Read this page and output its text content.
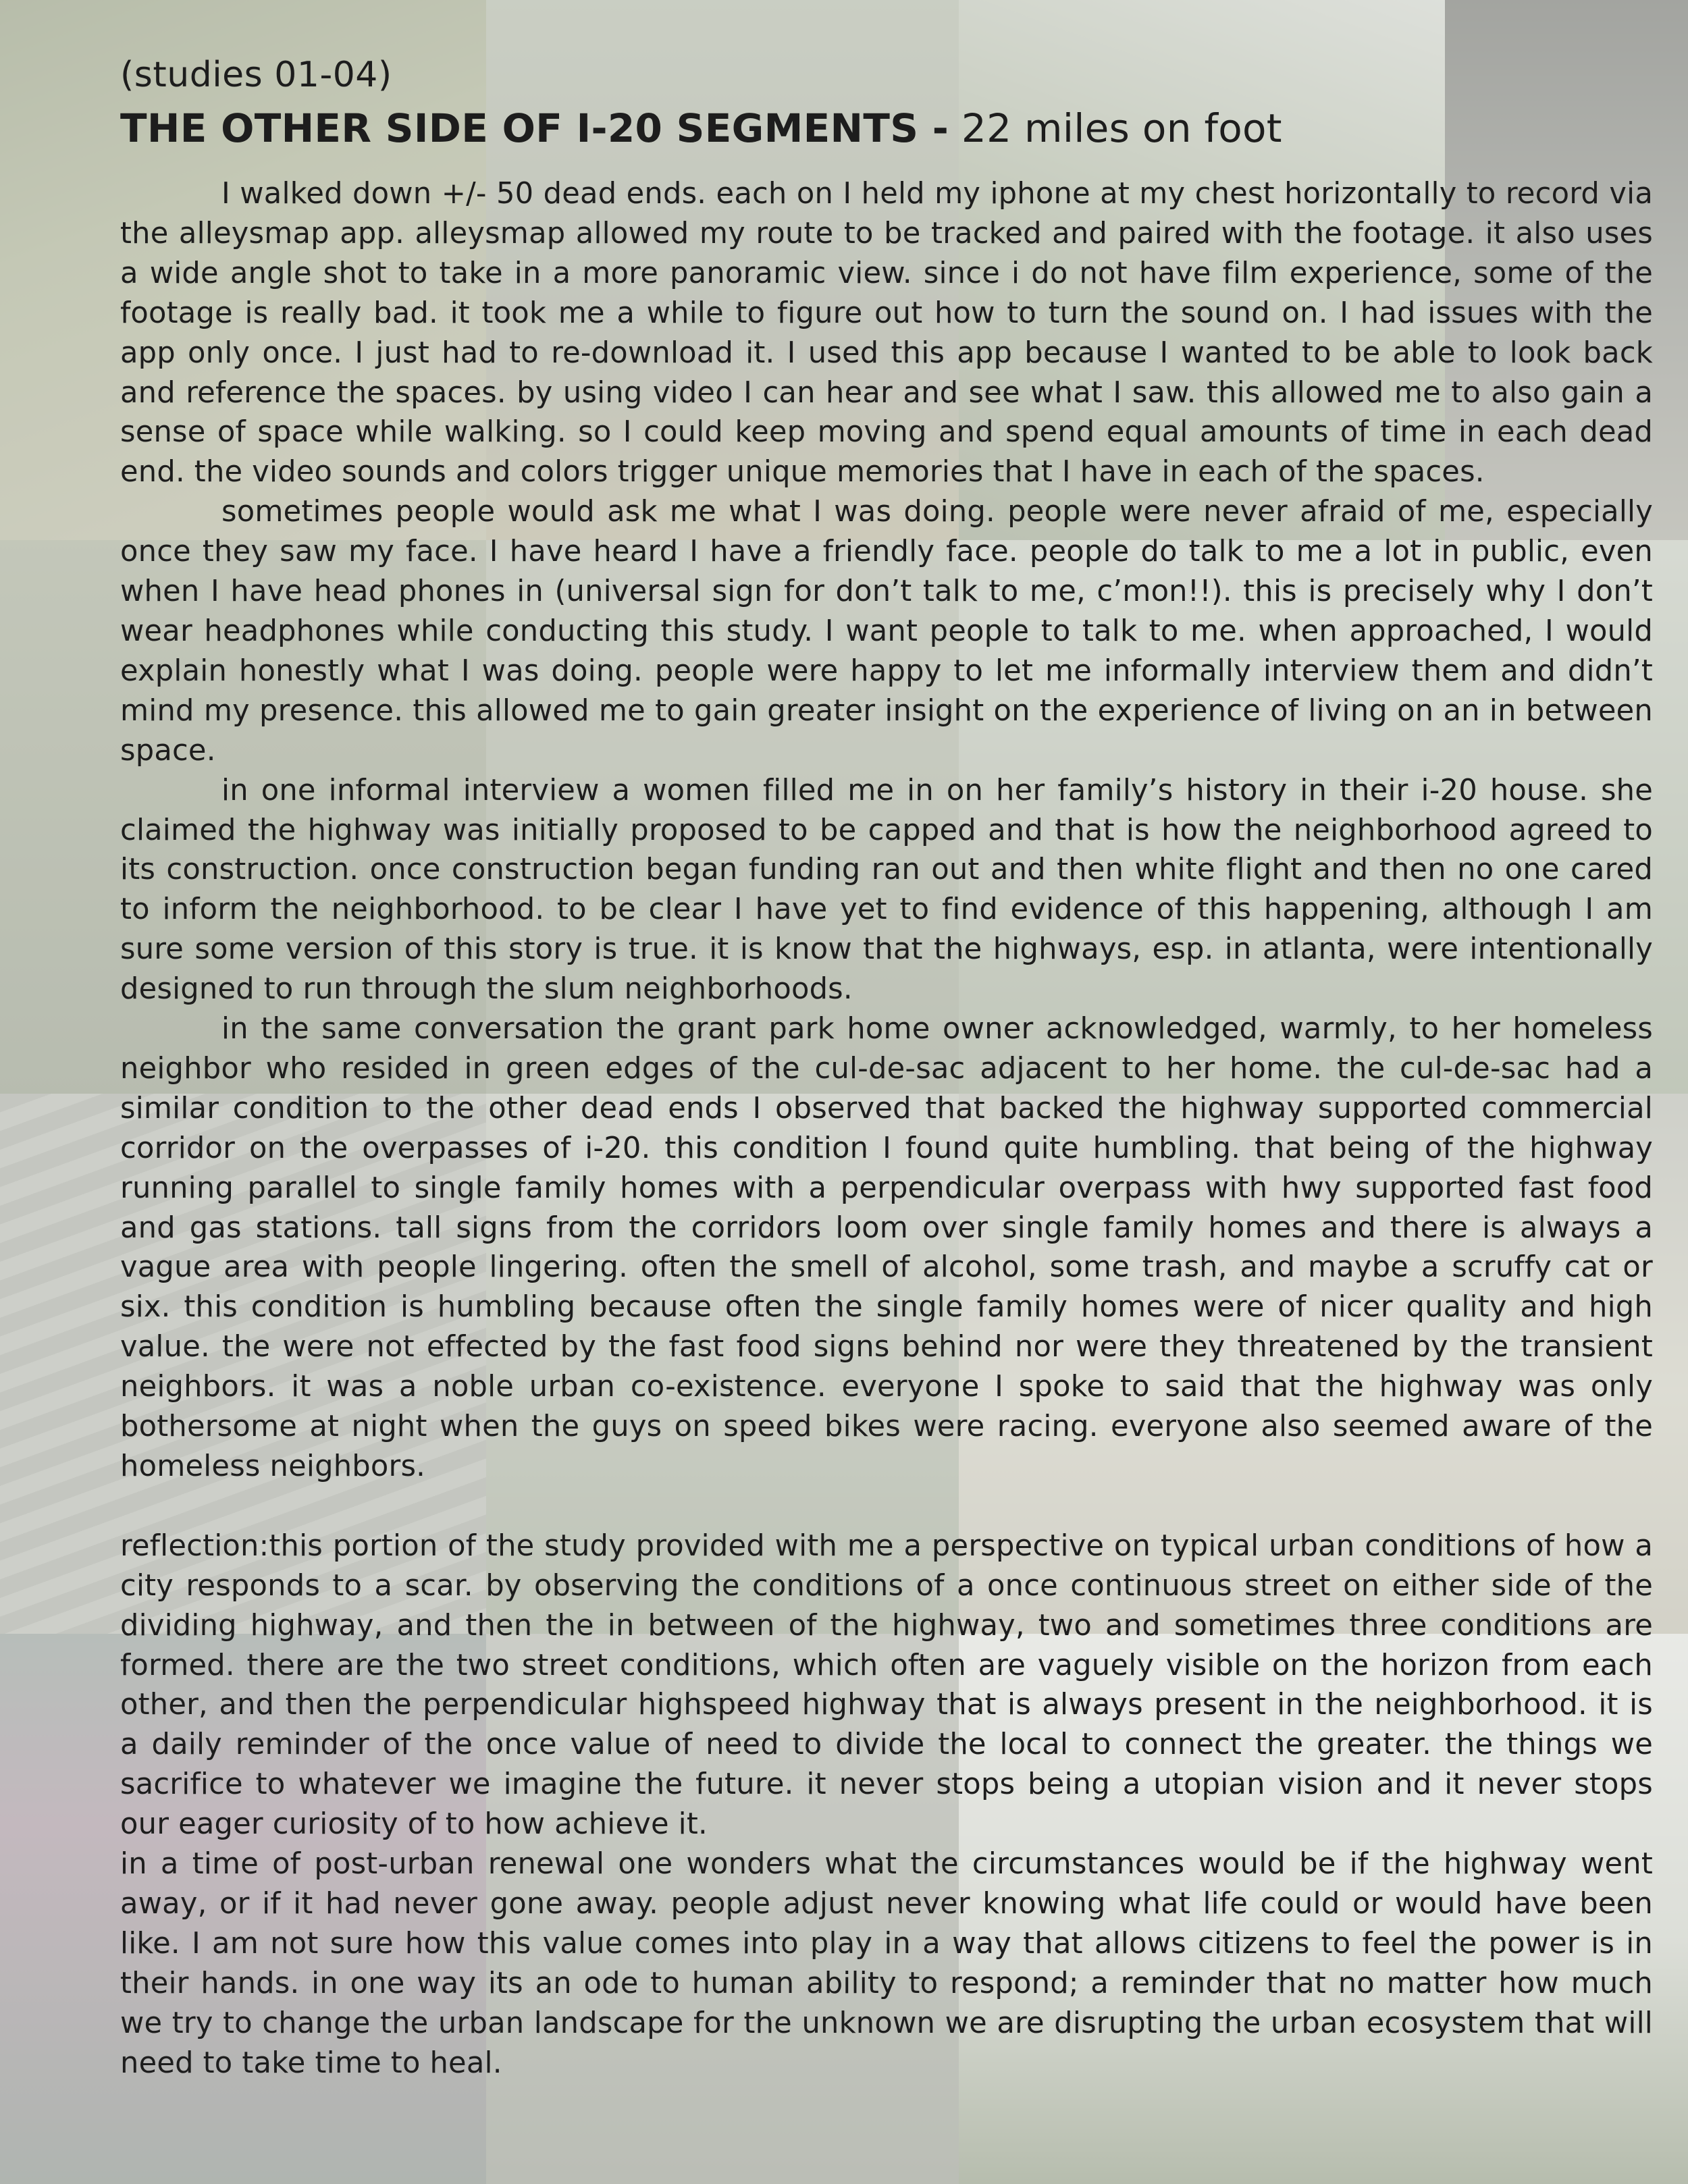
(studies 01-04)
THE OTHER SIDE OF I-20 SEGMENTS - 22 miles on foot

I walked down +/- 50 dead ends. each on I held my iphone at my chest horizontally to record via the alleysmap app. alleysmap allowed my route to be tracked and paired with the footage. it also uses a wide angle shot to take in a more panoramic view. since i do not have film experience, some of the footage is really bad. it took me a while to figure out how to turn the sound on. I had issues with the app only once. I just had to re-download it. I used this app because I wanted to be able to look back and reference the spaces. by using video I can hear and see what I saw. this allowed me to also gain a sense of space while walking. so I could keep moving and spend equal amounts of time in each dead end. the video sounds and colors trigger unique memories that I have in each of the spaces.

sometimes people would ask me what I was doing. people were never afraid of me, especially once they saw my face. I have heard I have a friendly face. people do talk to me a lot in public, even when I have head phones in (universal sign for don’t talk to me, c’mon!!). this is precisely why I don’t wear headphones while conducting this study. I want people to talk to me. when approached, I would explain honestly what I was doing. people were happy to let me informally interview them and didn’t mind my presence. this allowed me to gain greater insight on the experience of living on an in between space.

in one informal interview a women filled me in on her family’s history in their i-20 house. she claimed the highway was initially proposed to be capped and that is how the neighborhood agreed to its construction. once construction began funding ran out and then white flight and then no one cared to inform the neighborhood. to be clear I have yet to find evidence of this happening, although I am sure some version of this story is true. it is know that the highways, esp. in atlanta, were intentionally designed to run through the slum neighborhoods.

in the same conversation the grant park home owner acknowledged, warmly, to her homeless neighbor who resided in green edges of the cul-de-sac adjacent to her home. the cul-de-sac had a similar condition to the other dead ends I observed that backed the highway supported commercial corridor on the overpasses of i-20. this condition I found quite humbling. that being of the highway running parallel to single family homes with a perpendicular overpass with hwy supported fast food and gas stations. tall signs from the corridors loom over single family homes and there is always a vague area with people lingering. often the smell of alcohol, some trash, and maybe a scruffy cat or six. this condition is humbling because often the single family homes were of nicer quality and high value. the were not effected by the fast food signs behind nor were they threatened by the transient neighbors. it was a noble urban co-existence. everyone I spoke to said that the highway was only bothersome at night when the guys on speed bikes were racing. everyone also seemed aware of the homeless neighbors.

reflection:this portion of the study provided with me a perspective on typical urban conditions of how a city responds to a scar. by observing the conditions of a once continuous street on either side of the dividing highway, and then the in between of the highway, two and sometimes three conditions are formed. there are the two street conditions, which often are vaguely visible on the horizon from each other, and then the perpendicular highspeed highway that is always present in the neighborhood. it is a daily reminder of the once value of need to divide the local to connect the greater. the things we sacrifice to whatever we imagine the future. it never stops being a utopian vision and it never stops our eager curiosity of to how achieve it.

in a time of post-urban renewal one wonders what the circumstances would be if the highway went away, or if it had never gone away. people adjust never knowing what life could or would have been like. I am not sure how this value comes into play in a way that allows citizens to feel the power is in their hands. in one way its an ode to human ability to respond; a reminder that no matter how much we try to change the urban landscape for the unknown we are disrupting the urban ecosystem that will need to take time to heal.
